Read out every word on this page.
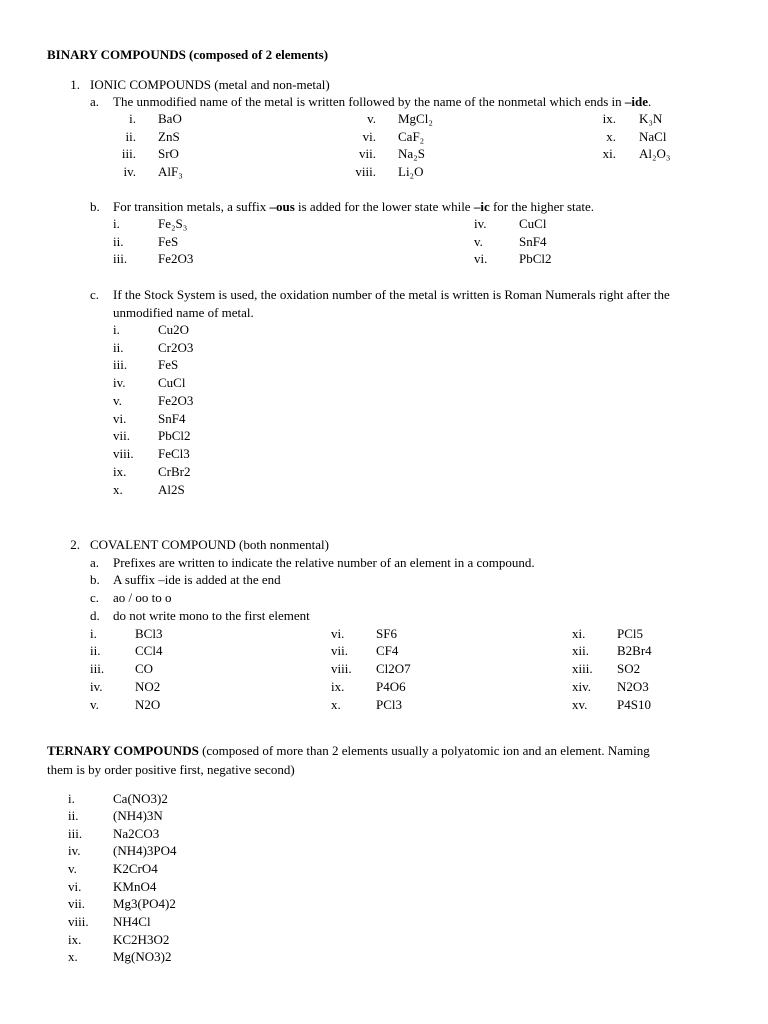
BINARY COMPOUNDS (composed of 2 elements)
1. IONIC COMPOUNDS (metal and non-metal)
a. The unmodified name of the metal is written followed by the name of the nonmetal which ends in –ide.
i. BaO
ii. ZnS
iii. SrO
iv. AlF₃
v. MgCl₂
vi. CaF₂
vii. Na₂S
viii. Li₂O
ix. K₃N
x. NaCl
xi. Al₂O₃
b. For transition metals, a suffix –ous is added for the lower state while –ic for the higher state.
i.	Fe₂S₃
ii.	FeS
iii. Fe2O3
iv. CuCl
v.	SnF4
vi. PbCl2
c. If the Stock System is used, the oxidation number of the metal is written is Roman Numerals right after the
unmodified name of metal.
i.	Cu2O
ii.	Cr2O3
iii. FeS
iv. CuCl
v.	Fe2O3
vi. SnF4
vii. PbCl2
viii. FeCl3
ix. CrBr2
x.	Al2S
2. COVALENT COMPOUND (both nonmental)
a. Prefixes are written to indicate the relative number of an element in a compound.
b. A suffix –ide is added at the end
c. ao / oo to o
d. do not write mono to the first element
i.	BCl3
ii.	CCl4
iii. CO
iv. NO2
v.	N2O
vi. SF6
vii. CF4
viii. Cl2O7
ix. P4O6
x.	PCl3
xi. PCl5
xii. B2Br4
xiii. SO2
xiv. N2O3
xv. P4S10
TERNARY COMPOUNDS (composed of more than 2 elements usually a polyatomic ion and an element. Naming
them is by order positive first, negative second)
i.	Ca(NO3)2
ii.	(NH4)3N
iii. Na2CO3
iv. (NH4)3PO4
v.	K2CrO4
vi. KMnO4
vii. Mg3(PO4)2
viii. NH4Cl
ix. KC2H3O2
x.	Mg(NO3)2
